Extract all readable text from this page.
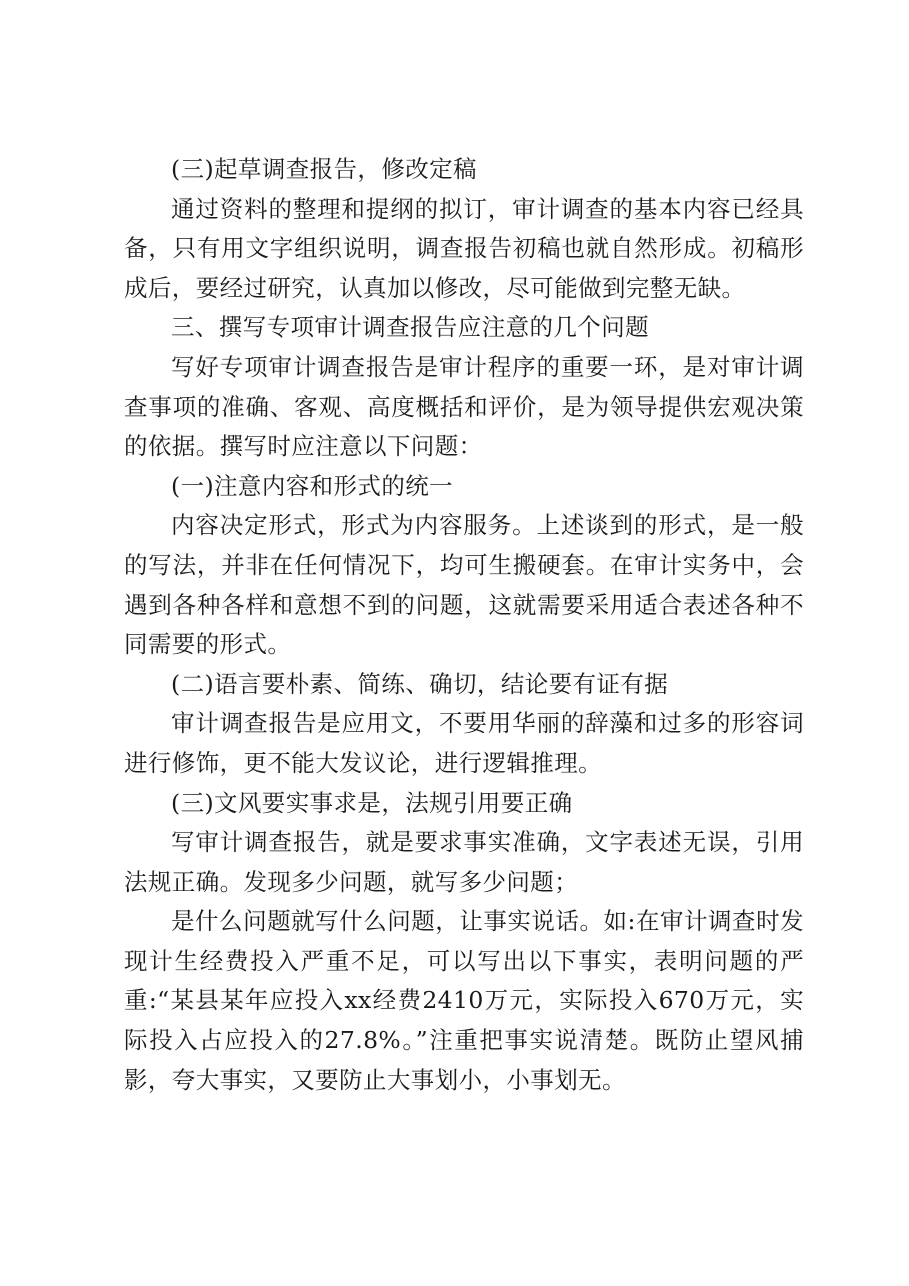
(三)起草调查报告，修改定稿

通过资料的整理和提纲的拟订，审计调查的基本内容已经具备，只有用文字组织说明，调查报告初稿也就自然形成。初稿形成后，要经过研究，认真加以修改，尽可能做到完整无缺。

三、撰写专项审计调查报告应注意的几个问题

写好专项审计调查报告是审计程序的重要一环，是对审计调查事项的准确、客观、高度概括和评价，是为领导提供宏观决策的依据。撰写时应注意以下问题：

(一)注意内容和形式的统一

内容决定形式，形式为内容服务。上述谈到的形式，是一般的写法，并非在任何情况下，均可生搬硬套。在审计实务中，会遇到各种各样和意想不到的问题，这就需要采用适合表述各种不同需要的形式。

(二)语言要朴素、简练、确切，结论要有证有据

审计调查报告是应用文，不要用华丽的辞藻和过多的形容词进行修饰，更不能大发议论，进行逻辑推理。

(三)文风要实事求是，法规引用要正确

写审计调查报告，就是要求事实准确，文字表述无误，引用法规正确。发现多少问题，就写多少问题；

是什么问题就写什么问题，让事实说话。如:在审计调查时发现计生经费投入严重不足，可以写出以下事实，表明问题的严重:“某县某年应投入xx经费2410万元，实际投入670万元，实际投入占应投入的27.8%。”注重把事实说清楚。既防止望风捕影，夸大事实，又要防止大事划小，小事划无。
